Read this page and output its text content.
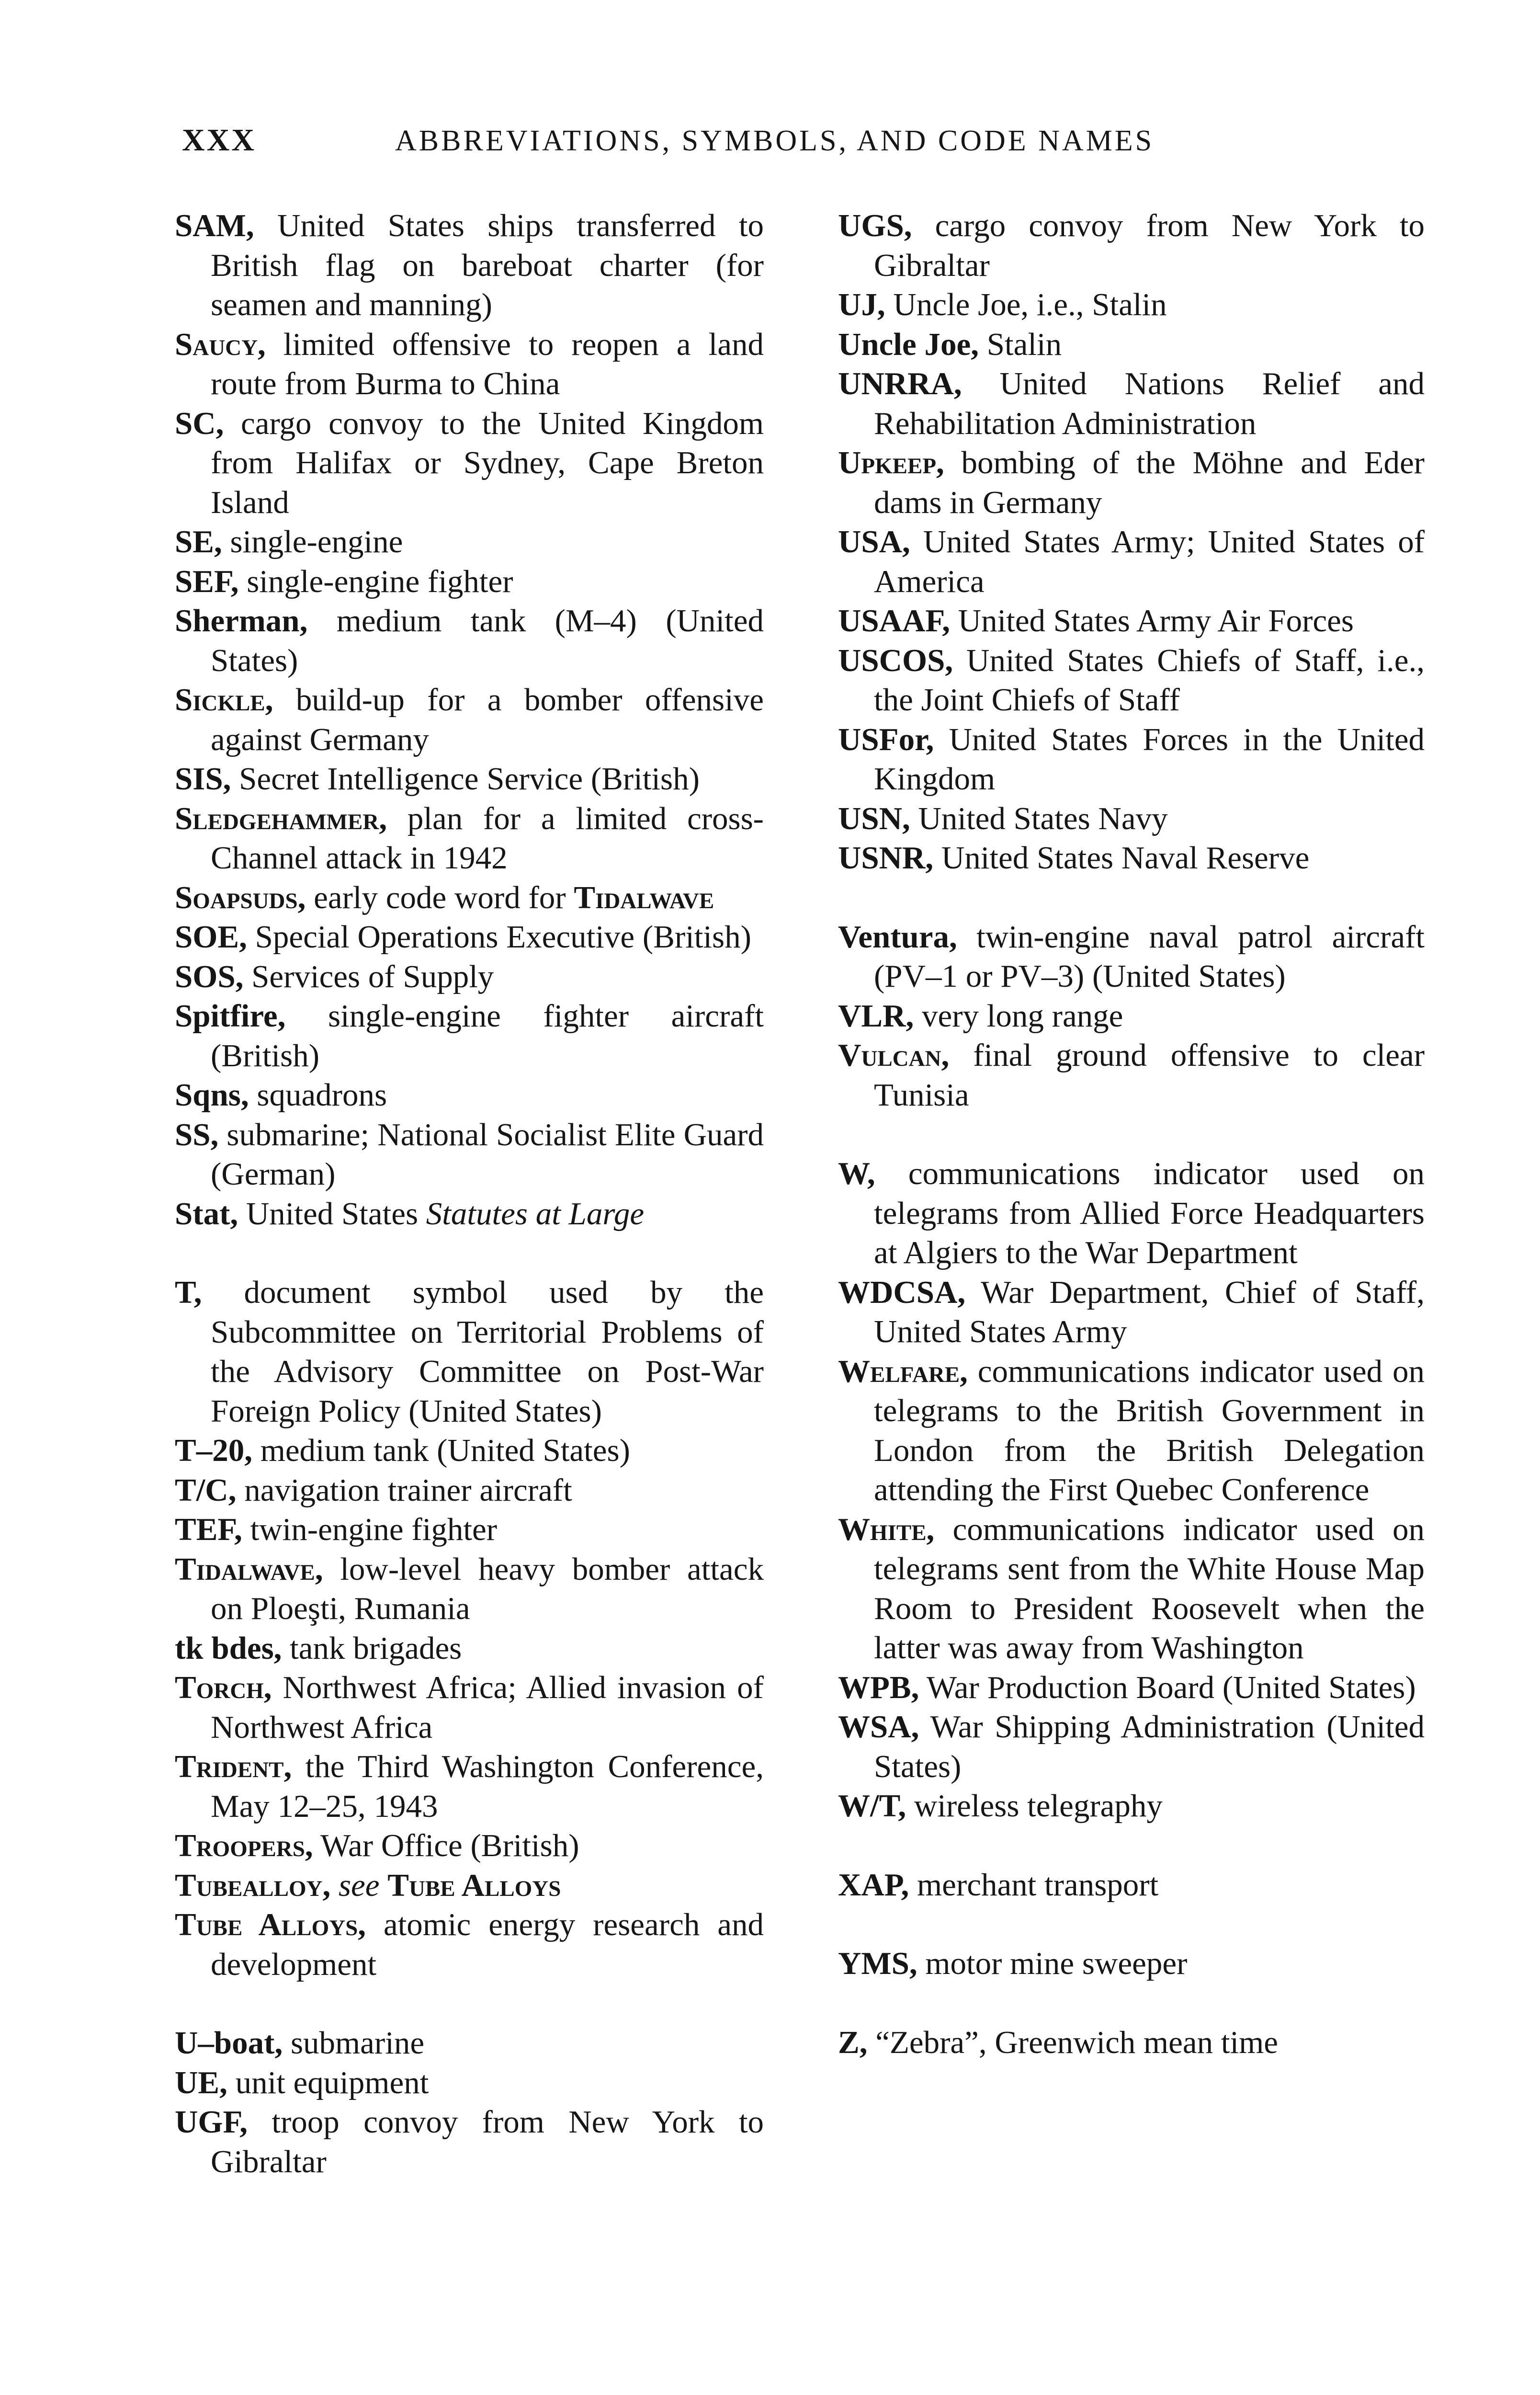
XXX	ABBREVIATIONS, SYMBOLS, AND CODE NAMES

SAM, United States ships transferred to British flag on bareboat charter (for seamen and manning)

Saucy, limited offensive to reopen a land route from Burma to China

SC, cargo convoy to the United Kingdom from Halifax or Sydney, Cape Breton Island

SE, single-engine

SEF, single-engine fighter

Sherman, medium tank (M–4) (United States)

Sickle, build-up for a bomber offensive against Germany

SIS, Secret Intelligence Service (British)

Sledgehammer, plan for a limited cross-Channel attack in 1942

Soapsuds, early code word for Tidalwave

SOE, Special Operations Executive (British)

SOS, Services of Supply

Spitfire, single-engine fighter aircraft (British)

Sqns, squadrons

SS, submarine; National Socialist Elite Guard (German)

Stat, United States Statutes at Large

T, document symbol used by the Subcommittee on Territorial Problems of the Advisory Committee on Post-War Foreign Policy (United States)

T–20, medium tank (United States)

T/C, navigation trainer aircraft

TEF, twin-engine fighter

Tidalwave, low-level heavy bomber attack on Ploeşti, Rumania

tk bdes, tank brigades

Torch, Northwest Africa; Allied invasion of Northwest Africa

Trident, the Third Washington Conference, May 12–25, 1943

Troopers, War Office (British)

Tubealloy, see Tube Alloys

Tube Alloys, atomic energy research and development

U–boat, submarine

UE, unit equipment

UGF, troop convoy from New York to Gibraltar

UGS, cargo convoy from New York to Gibraltar

UJ, Uncle Joe, i.e., Stalin

Uncle Joe, Stalin

UNRRA, United Nations Relief and Rehabilitation Administration

Upkeep, bombing of the Möhne and Eder dams in Germany

USA, United States Army; United States of America

USAAF, United States Army Air Forces

USCOS, United States Chiefs of Staff, i.e., the Joint Chiefs of Staff

USFor, United States Forces in the United Kingdom

USN, United States Navy

USNR, United States Naval Reserve

Ventura, twin-engine naval patrol aircraft (PV–1 or PV–3) (United States)

VLR, very long range

Vulcan, final ground offensive to clear Tunisia

W, communications indicator used on telegrams from Allied Force Headquarters at Algiers to the War Department

WDCSA, War Department, Chief of Staff, United States Army

Welfare, communications indicator used on telegrams to the British Government in London from the British Delegation attending the First Quebec Conference

White, communications indicator used on telegrams sent from the White House Map Room to President Roosevelt when the latter was away from Washington

WPB, War Production Board (United States)

WSA, War Shipping Administration (United States)

W/T, wireless telegraphy

XAP, merchant transport

YMS, motor mine sweeper

Z, “Zebra”, Greenwich mean time
